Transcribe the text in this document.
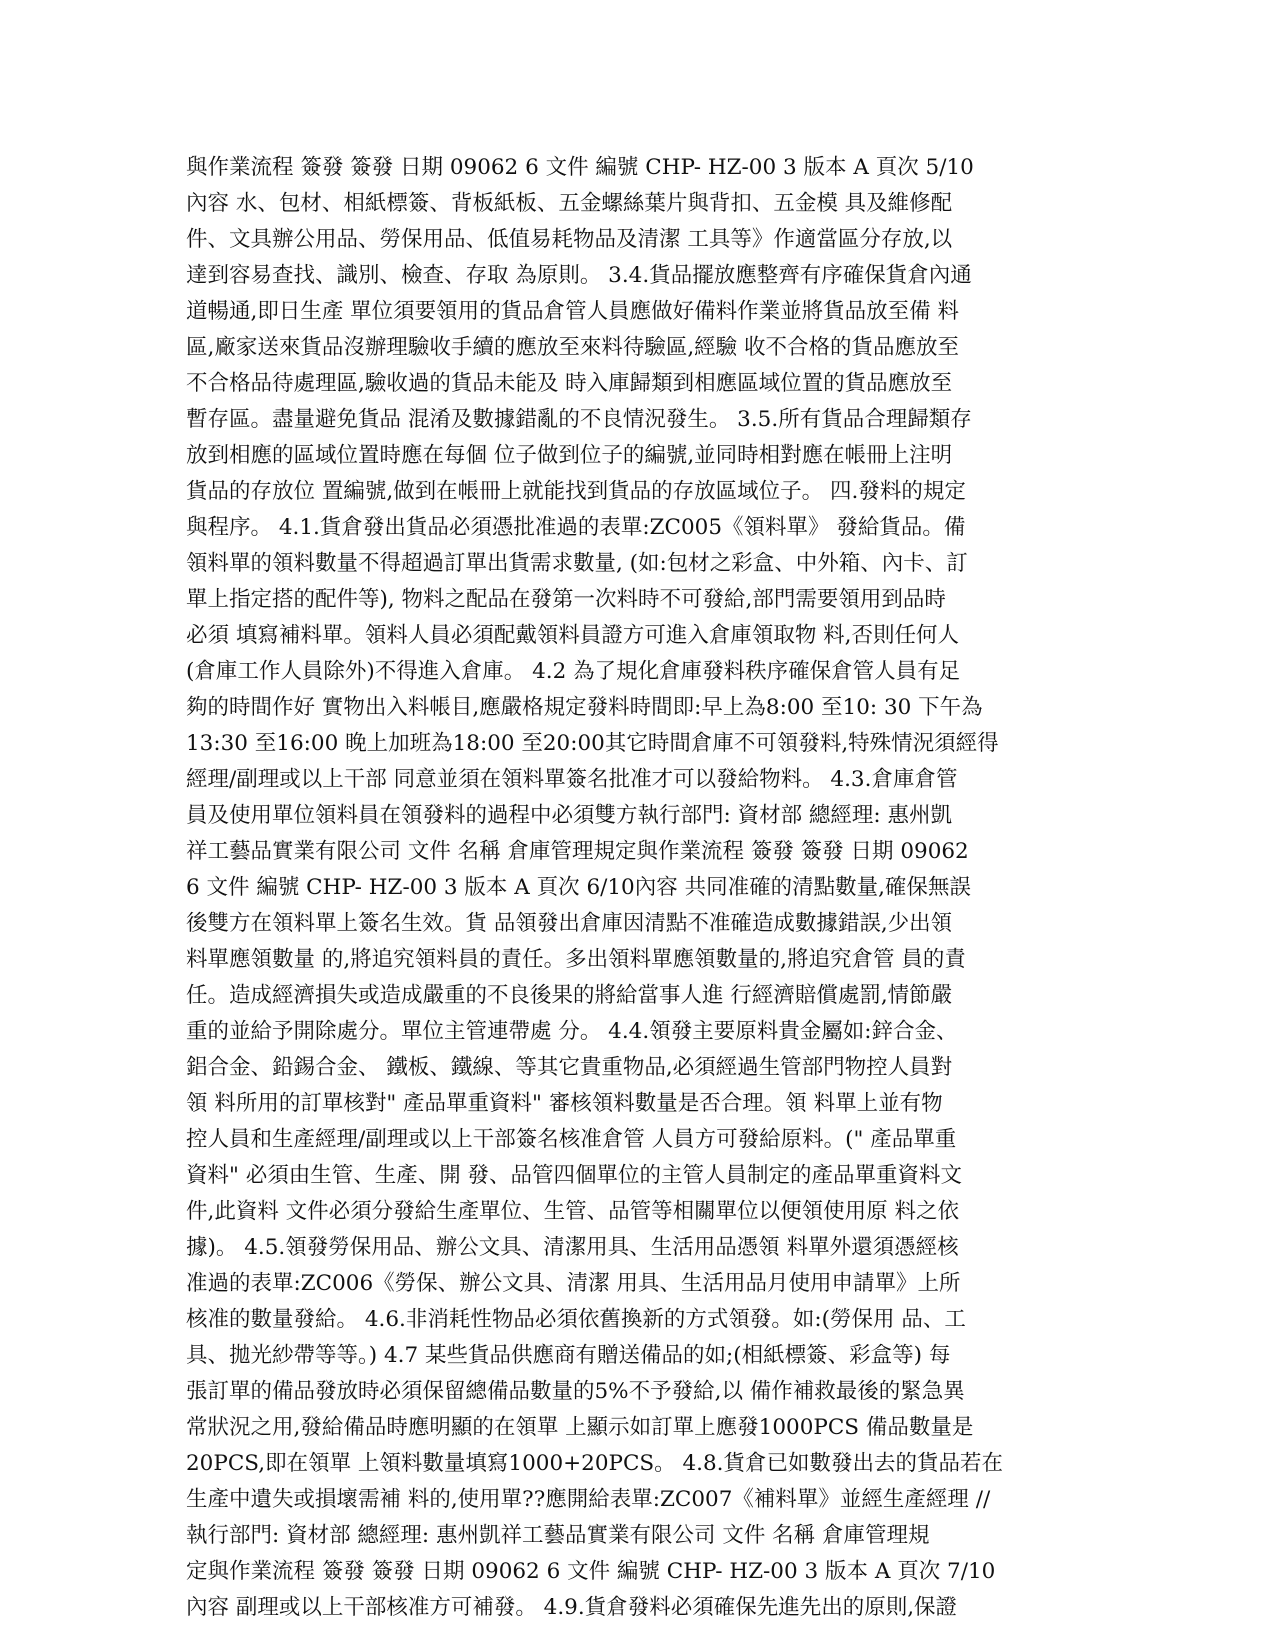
與作業流程 簽發 簽發 日期 09062 6 文件 編號 CHP- HZ-00 3 版本 A 頁次 5/10
內容 水、包材、相紙標簽、背板紙板、五金螺絲葉片與背扣、五金模 具及維修配
件、文具辦公用品、勞保用品、低值易耗物品及清潔 工具等》作適當區分存放,以
達到容易查找、識別、檢查、存取 為原則。 3.4.貨品擺放應整齊有序確保貨倉內通
道暢通,即日生產 單位須要領用的貨品倉管人員應做好備料作業並將貨品放至備 料
區,廠家送來貨品沒辦理驗收手續的應放至來料待驗區,經驗 收不合格的貨品應放至
不合格品待處理區,驗收過的貨品未能及 時入庫歸類到相應區域位置的貨品應放至
暫存區。盡量避免貨品 混淆及數據錯亂的不良情況發生。 3.5.所有貨品合理歸類存
放到相應的區域位置時應在每個 位子做到位子的編號,並同時相對應在帳冊上注明
貨品的存放位 置編號,做到在帳冊上就能找到貨品的存放區域位子。 四.發料的規定
與程序。 4.1.貨倉發出貨品必須憑批准過的表單:ZC005《領料單》 發給貨品。備
領料單的領料數量不得超過訂單出貨需求數量, (如:包材之彩盒、中外箱、內卡、訂
單上指定搭的配件等), 物料之配品在發第一次料時不可發給,部門需要領用到品時
必須 填寫補料單。領料人員必須配戴領料員證方可進入倉庫領取物 料,否則任何人
(倉庫工作人員除外)不得進入倉庫。 4.2 為了規化倉庫發料秩序確保倉管人員有足
夠的時間作好 實物出入料帳目,應嚴格規定發料時間即:早上為8:00 至10: 30 下午為
13:30 至16:00 晚上加班為18:00 至20:00其它時間倉庫不可領發料,特殊情況須經得
經理/副理或以上干部 同意並須在領料單簽名批准才可以發給物料。 4.3.倉庫倉管
員及使用單位領料員在領發料的過程中必須雙方執行部門: 資材部 總經理: 惠州凱
祥工藝品實業有限公司 文件 名稱 倉庫管理規定與作業流程 簽發 簽發 日期 09062
6 文件 編號 CHP- HZ-00 3 版本 A 頁次 6/10內容 共同准確的清點數量,確保無誤
後雙方在領料單上簽名生效。貨 品領發出倉庫因清點不准確造成數據錯誤,少出領
料單應領數量 的,將追究領料員的責任。多出領料單應領數量的,將追究倉管 員的責
任。造成經濟損失或造成嚴重的不良後果的將給當事人進 行經濟賠償處罰,情節嚴
重的並給予開除處分。單位主管連帶處 分。 4.4.領發主要原料貴金屬如:鋅合金、
鋁合金、鉛錫合金、 鐵板、鐵線、等其它貴重物品,必須經過生管部門物控人員對
領 料所用的訂單核對" 產品單重資料" 審核領料數量是否合理。領 料單上並有物
控人員和生產經理/副理或以上干部簽名核准倉管 人員方可發給原料。(" 產品單重
資料" 必須由生管、生產、開 發、品管四個單位的主管人員制定的產品單重資料文
件,此資料 文件必須分發給生產單位、生管、品管等相關單位以便領使用原 料之依
據)。 4.5.領發勞保用品、辦公文具、清潔用具、生活用品憑領 料單外還須憑經核
准過的表單:ZC006《勞保、辦公文具、清潔 用具、生活用品月使用申請單》上所
核准的數量發給。 4.6.非消耗性物品必須依舊換新的方式領發。如:(勞保用 品、工
具、拋光紗帶等等。) 4.7 某些貨品供應商有贈送備品的如;(相紙標簽、彩盒等) 每
張訂單的備品發放時必須保留總備品數量的5%不予發給,以 備作補救最後的緊急異
常狀況之用,發給備品時應明顯的在領單 上顯示如訂單上應發1000PCS 備品數量是
20PCS,即在領單 上領料數量填寫1000+20PCS。 4.8.貨倉已如數發出去的貨品若在
生產中遺失或損壞需補 料的,使用單??應開給表單:ZC007《補料單》並經生產經理 //
執行部門: 資材部 總經理: 惠州凱祥工藝品實業有限公司 文件 名稱 倉庫管理規
定與作業流程 簽發 簽發 日期 09062 6 文件 編號 CHP- HZ-00 3 版本 A 頁次 7/10
內容 副理或以上干部核准方可補發。 4.9.貨倉發料必須確保先進先出的原則,保證
